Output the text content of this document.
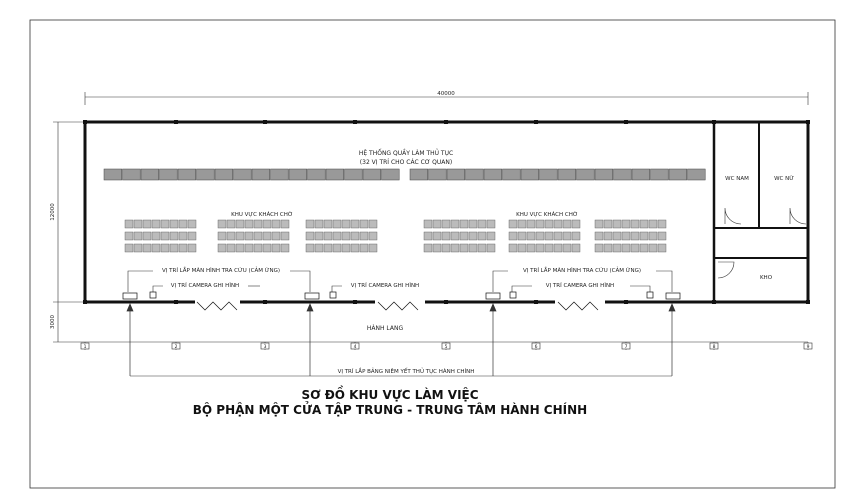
40000
12000
3000
WC NAM	WC NỮ
KHO
HỆ THỐNG QUẦY LÀM THỦ TỤC
(32 VỊ TRÍ CHO CÁC CƠ QUAN)
KHU VỰC KHÁCH CHỜ	KHU VỰC KHÁCH CHỜ
VỊ TRÍ LẮP MÀN HÌNH TRA CỨU (CẢM ỨNG)	VỊ TRÍ LẮP MÀN HÌNH TRA CỨU (CẢM ỨNG)
VỊ TRÍ CAMERA GHI HÌNH	VỊ TRÍ CAMERA GHI HÌNH	VỊ TRÍ CAMERA GHI HÌNH
HÀNH LANG
VỊ TRÍ LẮP BẢNG NIÊM YẾT THỦ TỤC HÀNH CHÍNH
1	2	3	4	5	6	7	8	9
SƠ ĐỒ KHU VỰC LÀM VIỆC
BỘ PHẬN MỘT CỬA TẬP TRUNG - TRUNG TÂM HÀNH CHÍNH
